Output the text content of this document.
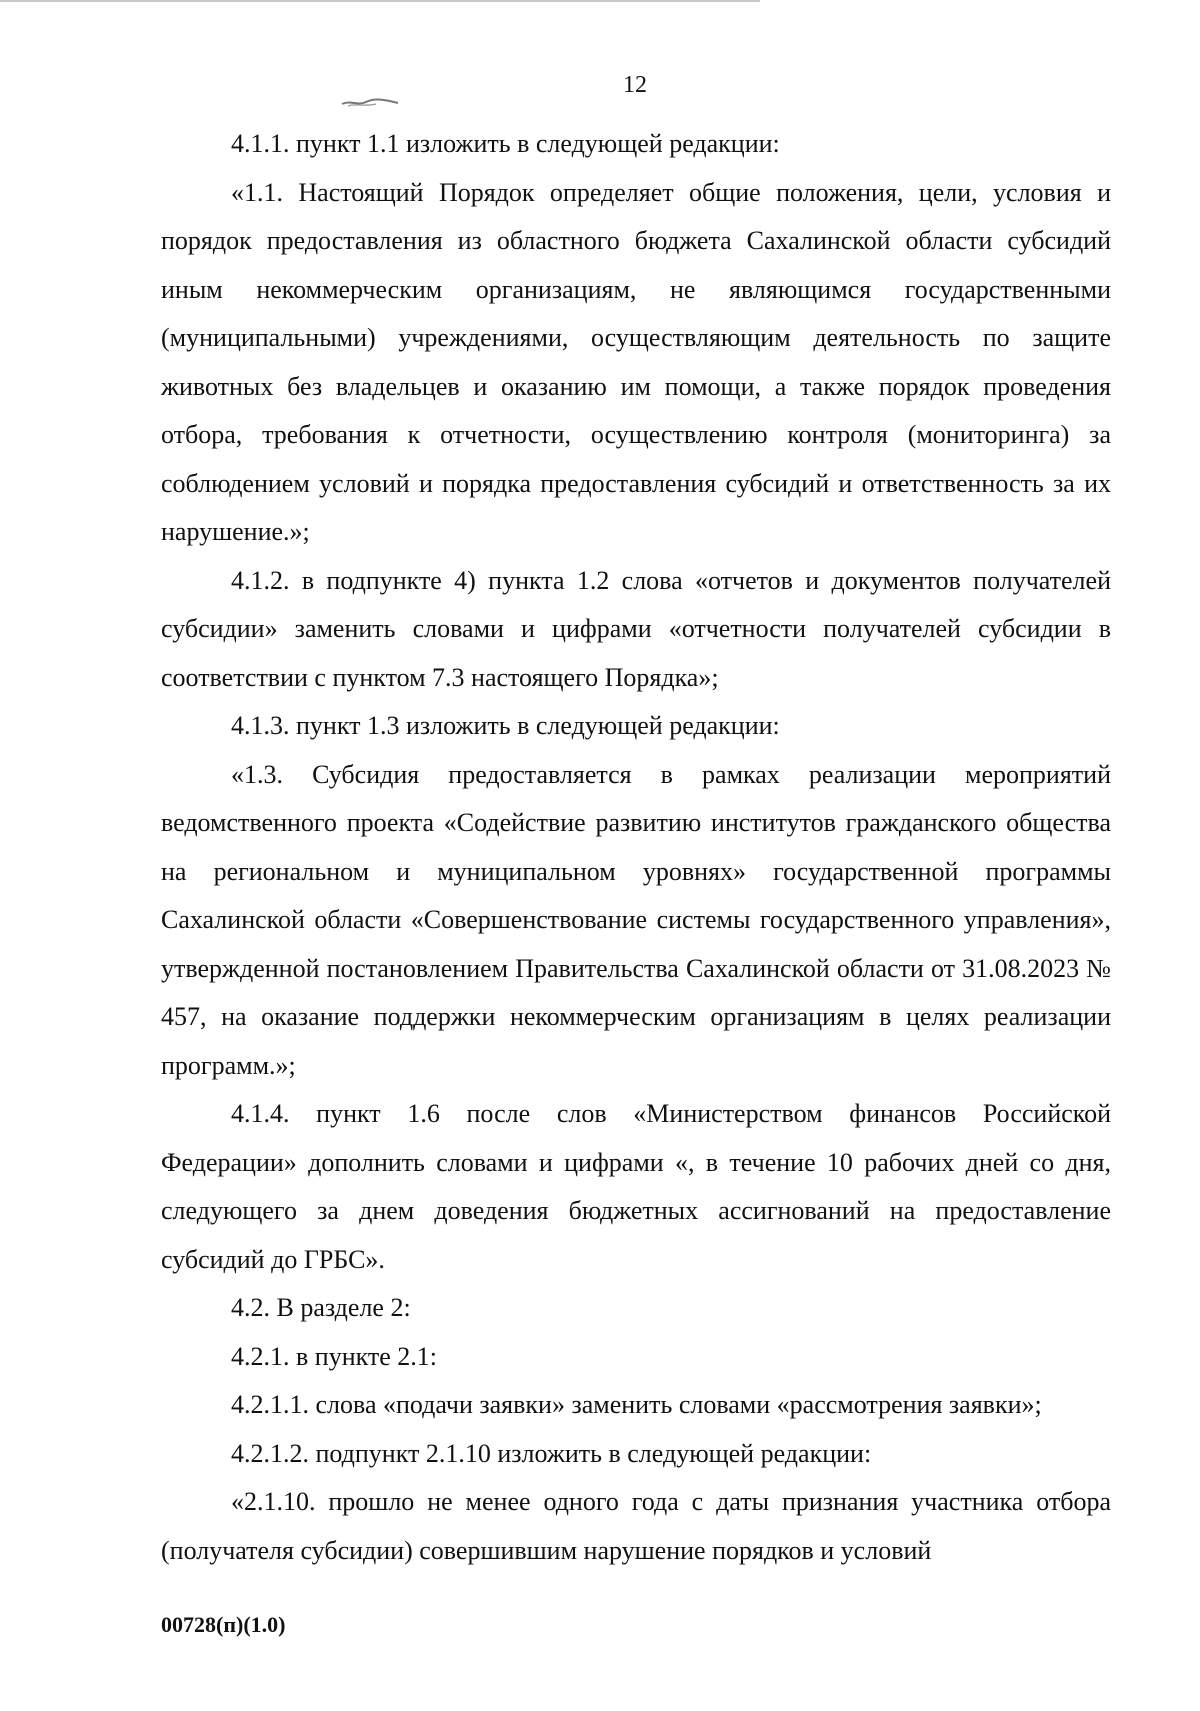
12

4.1.1. пункт 1.1 изложить в следующей редакции:

«1.1. Настоящий Порядок определяет общие положения, цели, условия и порядок предоставления из областного бюджета Сахалинской области субсидий иным некоммерческим организациям, не являющимся государственными (муниципальными) учреждениями, осуществляющим деятельность по защите животных без владельцев и оказанию им помощи, а также порядок проведения отбора, требования к отчетности, осуществлению контроля (мониторинга) за соблюдением условий и порядка предоставления субсидий и ответственность за их нарушение.»;

4.1.2. в подпункте 4) пункта 1.2 слова «отчетов и документов получателей субсидии» заменить словами и цифрами «отчетности получателей субсидии в соответствии с пунктом 7.3 настоящего Порядка»;

4.1.3. пункт 1.3 изложить в следующей редакции:

«1.3. Субсидия предоставляется в рамках реализации мероприятий ведомственного проекта «Содействие развитию институтов гражданского общества на региональном и муниципальном уровнях» государственной программы Сахалинской области «Совершенствование системы государственного управления», утвержденной постановлением Правительства Сахалинской области от 31.08.2023 № 457, на оказание поддержки некоммерческим организациям в целях реализации программ.»;

4.1.4. пункт 1.6 после слов «Министерством финансов Российской Федерации» дополнить словами и цифрами «, в течение 10 рабочих дней со дня, следующего за днем доведения бюджетных ассигнований на предоставление субсидий до ГРБС».

4.2. В разделе 2:

4.2.1. в пункте 2.1:

4.2.1.1. слова «подачи заявки» заменить словами «рассмотрения заявки»;

4.2.1.2. подпункт 2.1.10 изложить в следующей редакции:

«2.1.10. прошло не менее одного года с даты признания участника отбора (получателя субсидии) совершившим нарушение порядков и условий

00728(п)(1.0)
